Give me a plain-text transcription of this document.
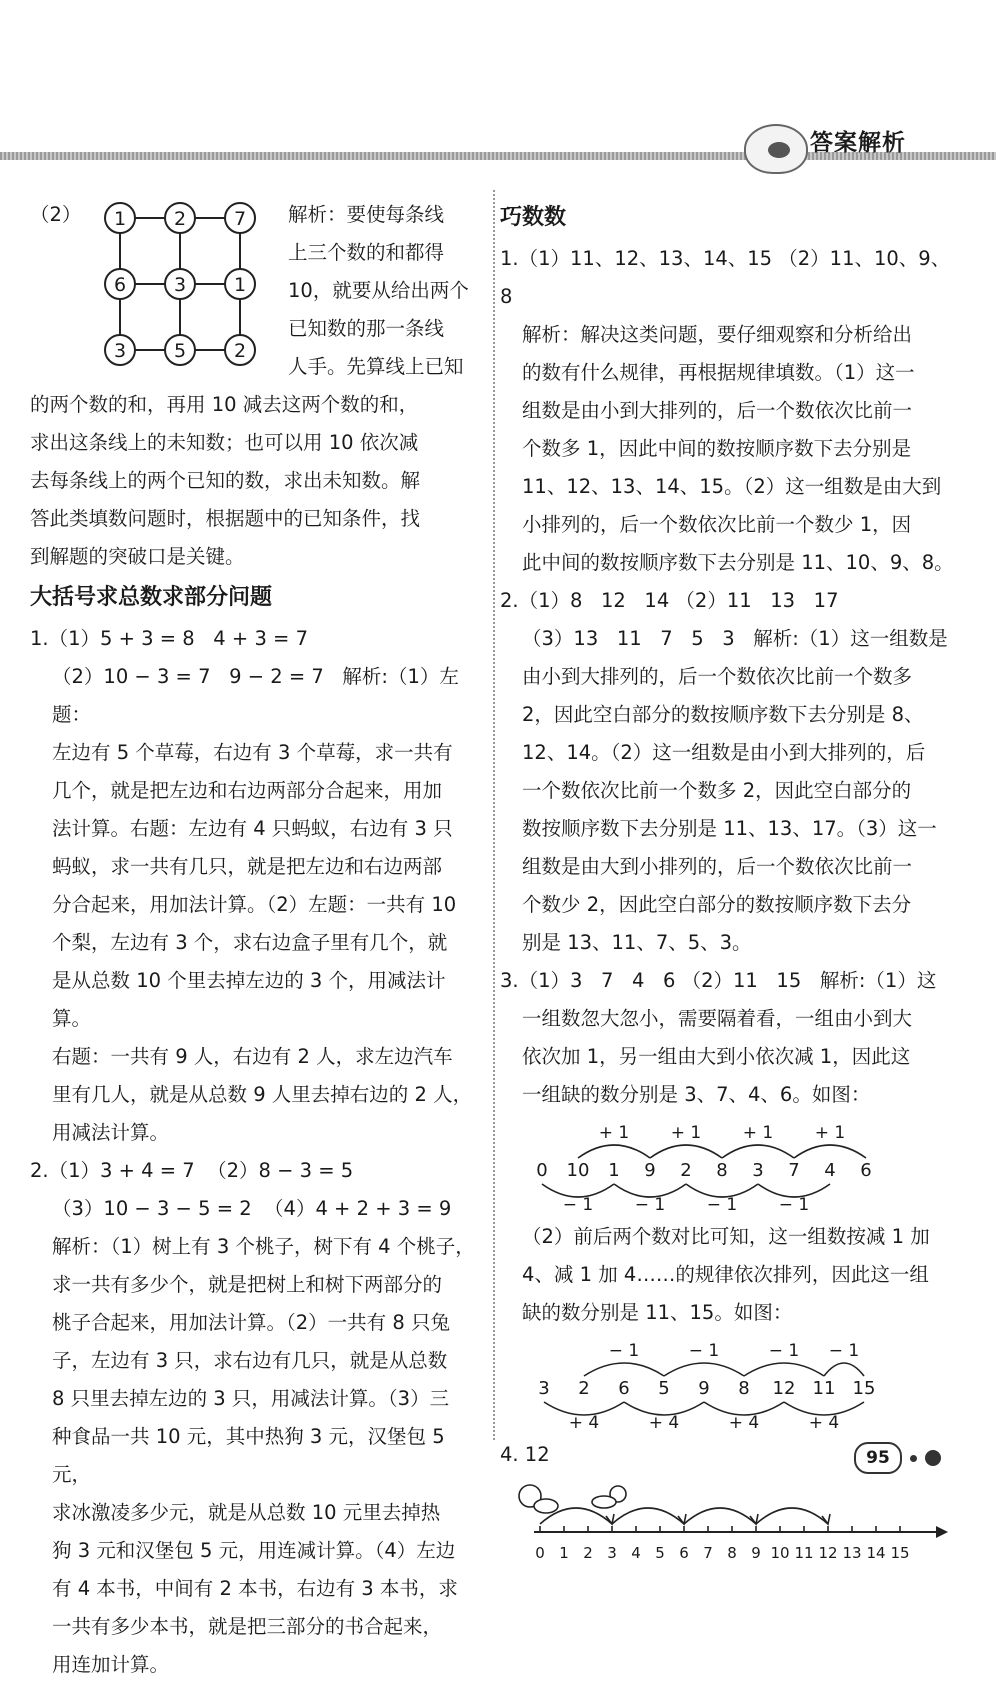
答案解析
（2）	1	2	7
6	3	1
3	5	2

解析：要使每条线

上三个数的和都得

10，就要从给出两个

已知数的那一条线

人手。先算线上已知

的两个数的和，再用 10 减去这两个数的和，

求出这条线上的未知数；也可以用 10 依次减

去每条线上的两个已知的数，求出未知数。解

答此类填数问题时，根据题中的已知条件，找

到解题的突破口是关键。

大括号求总数求部分问题

1.（1）5 + 3 = 8   4 + 3 = 7

（2）10 − 3 = 7   9 − 2 = 7   解析:（1）左题：

左边有 5 个草莓，右边有 3 个草莓，求一共有

几个，就是把左边和右边两部分合起来，用加

法计算。右题：左边有 4 只蚂蚁，右边有 3 只

蚂蚁，求一共有几只，就是把左边和右边两部

分合起来，用加法计算。（2）左题：一共有 10

个梨，左边有 3 个，求右边盒子里有几个，就

是从总数 10 个里去掉左边的 3 个，用减法计算。

右题：一共有 9 人，右边有 2 人，求左边汽车

里有几人，就是从总数 9 人里去掉右边的 2 人，

用减法计算。

2.（1）3 + 4 = 7  （2）8 − 3 = 5

（3）10 − 3 − 5 = 2  （4）4 + 2 + 3 = 9

解析：（1）树上有 3 个桃子，树下有 4 个桃子，

求一共有多少个，就是把树上和树下两部分的

桃子合起来，用加法计算。（2）一共有 8 只兔

子，左边有 3 只，求右边有几只，就是从总数

8 只里去掉左边的 3 只，用减法计算。（3）三

种食品一共 10 元，其中热狗 3 元，汉堡包 5 元，

求冰激凌多少元，就是从总数 10 元里去掉热

狗 3 元和汉堡包 5 元，用连减计算。（4）左边

有 4 本书，中间有 2 本书，右边有 3 本书，求

一共有多少本书，就是把三部分的书合起来，

用连加计算。

巧数数

1.（1）11、12、13、14、15 （2）11、10、9、8

解析：解决这类问题，要仔细观察和分析给出

的数有什么规律，再根据规律填数。（1）这一

组数是由小到大排列的，后一个数依次比前一

个数多 1，因此中间的数按顺序数下去分别是

11、12、13、14、15。（2）这一组数是由大到

小排列的，后一个数依次比前一个数少 1，因

此中间的数按顺序数下去分别是 11、10、9、8。

2.（1）8   12   14 （2）11   13   17

（3）13   11   7   5   3   解析:（1）这一组数是

由小到大排列的，后一个数依次比前一个数多

2，因此空白部分的数按顺序数下去分别是 8、

12、14。（2）这一组数是由小到大排列的，后

一个数依次比前一个数多 2，因此空白部分的

数按顺序数下去分别是 11、13、17。（3）这一

组数是由大到小排列的，后一个数依次比前一

个数少 2，因此空白部分的数按顺序数下去分

别是 13、11、7、5、3。

3.（1）3   7   4   6 （2）11   15   解析:（1）这

一组数忽大忽小，需要隔着看，一组由小到大

依次加 1，另一组由大到小依次减 1，因此这

一组缺的数分别是 3、7、4、6。如图：

0 10 1 9 2 8 3 7 4 6
+ 1 + 1 + 1 + 1
− 1 − 1 − 1 − 1

（2）前后两个数对比可知，这一组数按减 1 加

4、减 1 加 4……的规律依次排列，因此这一组

缺的数分别是 11、15。如图：

3 2 6 5 9 8 12 11 15
− 1	− 1	− 1 − 1
+ 4	+ 4	+ 4	+ 4

4. 12

0 1 2 3 4 5 6 7 8 9 10 11 12 13 14 15
95
